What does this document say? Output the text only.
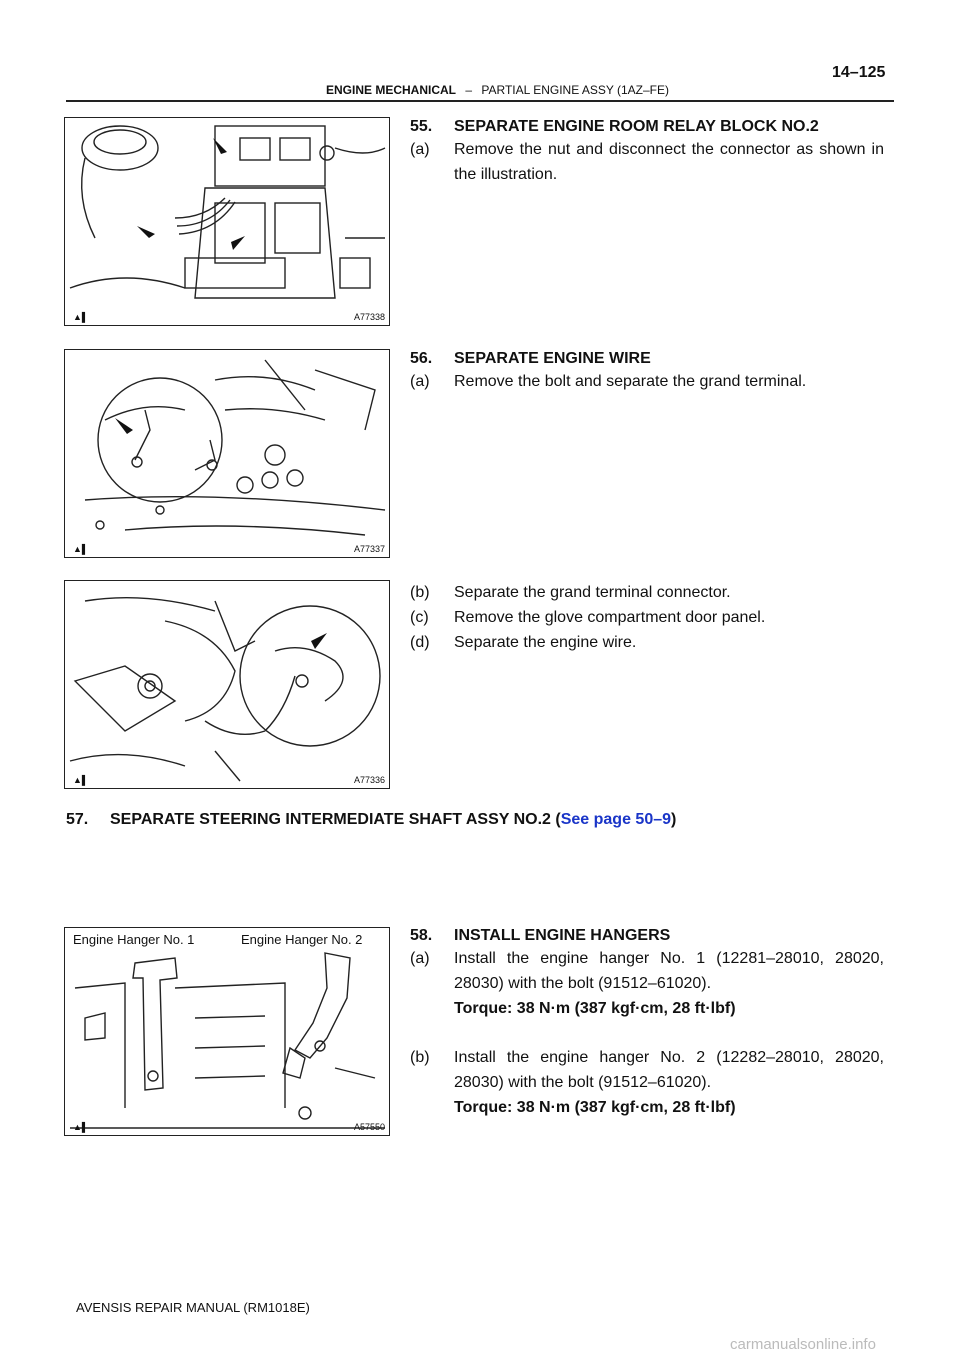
14–125
ENGINE MECHANICAL – PARTIAL ENGINE ASSY (1AZ–FE)
▲▌	A77338
▲▌	A77337
▲▌	A77336
Engine Hanger No. 1	Engine Hanger No. 2
▲▌	A57550
55. SEPARATE ENGINE ROOM RELAY BLOCK NO.2
(a) Remove the nut and disconnect the connector as shown in the illustration.
56. SEPARATE ENGINE WIRE
(a) Remove the bolt and separate the grand terminal.
(b) Separate the grand terminal connector.
(c) Remove the glove compartment door panel.
(d) Separate the engine wire.
57. SEPARATE STEERING INTERMEDIATE SHAFT ASSY NO.2 (See page 50–9)
58. INSTALL ENGINE HANGERS
(a) Install the engine hanger No. 1 (12281–28010, 28020, 28030) with the bolt (91512–61020).
Torque: 38 N·m (387 kgf·cm, 28 ft·lbf)
(b) Install the engine hanger No. 2 (12282–28010, 28020, 28030) with the bolt (91512–61020).
Torque: 38 N·m (387 kgf·cm, 28 ft·lbf)
AVENSIS REPAIR MANUAL (RM1018E)
carmanualsonline.info
